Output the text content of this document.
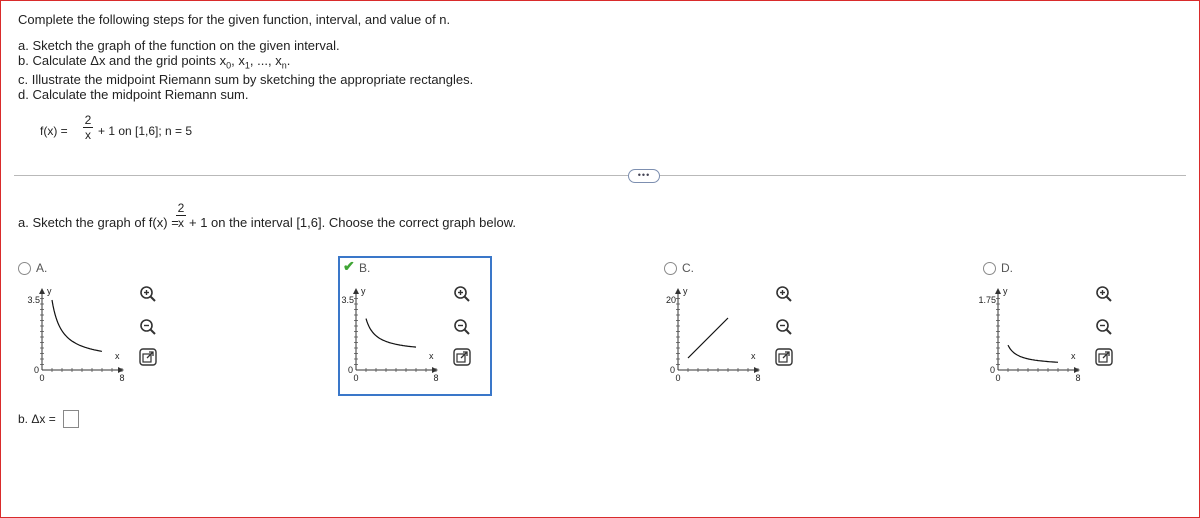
Complete the following steps for the given function, interval, and value of n.
a. Sketch the graph of the function on the given interval.
b. Calculate Δx and the grid points $x_0$, $x_1$, ..., $x_n$.
c. Illustrate the midpoint Riemann sum by sketching the appropriate rectangles.
d. Calculate the midpoint Riemann sum.
f(x) =
2
x + 1 on [1,6]; n = 5
•••
a. Sketch the graph of f(x) =
2
x + 1 on the interval [1,6]. Choose the correct graph below.
✔
A.
y
x
3.5
0
0	8
B.
y
x
3.5
0
0	8
C.
y
x
20
0
0	8
D.
y
x
1.75
0
0	8
b. Δx =
